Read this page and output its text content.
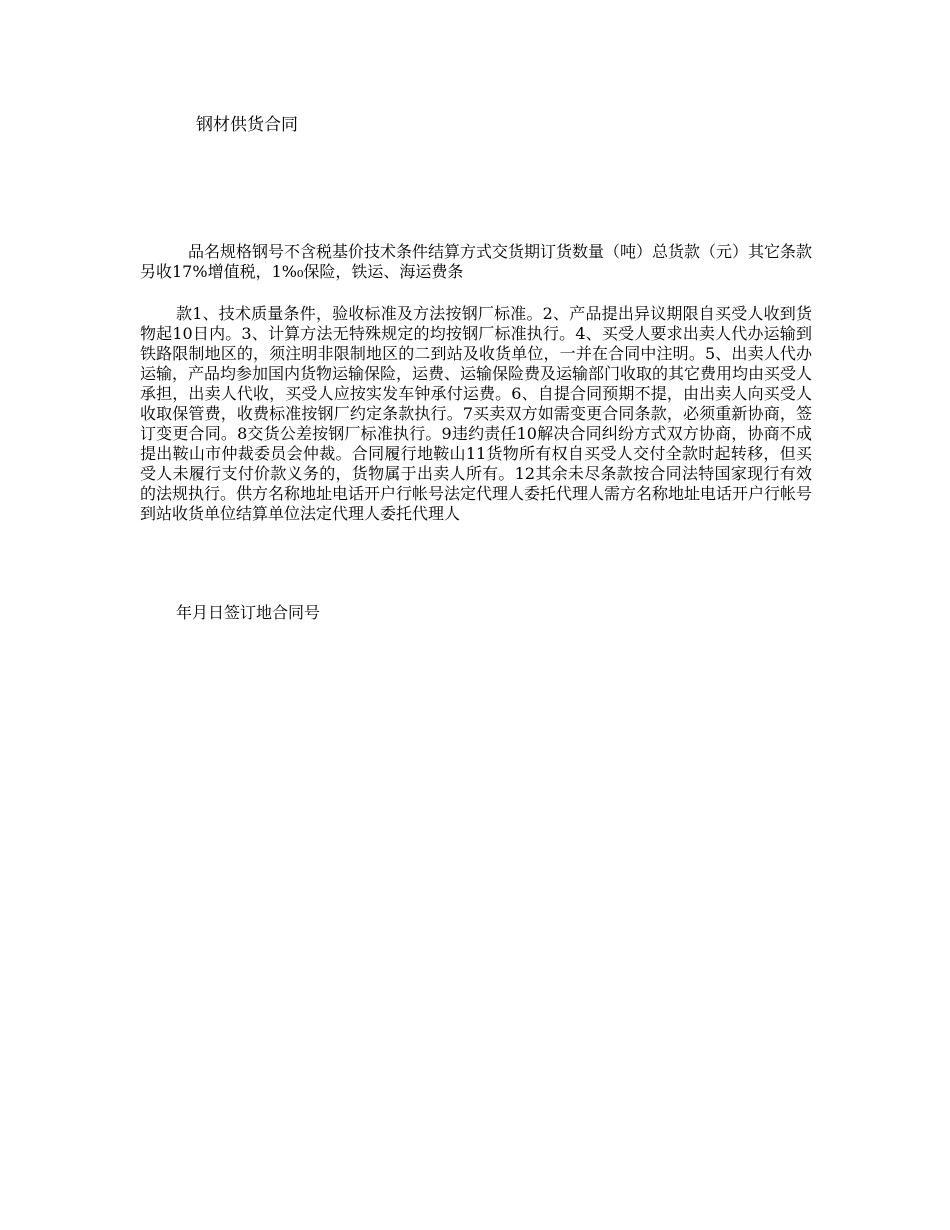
钢材供货合同

品名规格钢号不含税基价技术条件结算方式交货期订货数量（吨）总货款（元）其它条款另收17%增值税，1%₀保险，铁运、海运费条

款1、技术质量条件，验收标准及方法按钢厂标准。2、产品提出异议期限自买受人收到货物起10日内。3、计算方法无特殊规定的均按钢厂标准执行。4、买受人要求出卖人代办运输到铁路限制地区的，须注明非限制地区的二到站及收货单位，一并在合同中注明。5、出卖人代办运输，产品均参加国内货物运输保险，运费、运输保险费及运输部门收取的其它费用均由买受人承担，出卖人代收，买受人应按实发车钟承付运费。6、自提合同预期不提，由出卖人向买受人收取保管费，收费标准按钢厂约定条款执行。7买卖双方如需变更合同条款，必须重新协商，签订变更合同。8交货公差按钢厂标准执行。9违约责任10解决合同纠纷方式双方协商，协商不成提出鞍山市仲裁委员会仲裁。合同履行地鞍山11货物所有权自买受人交付全款时起转移，但买受人未履行支付价款义务的，货物属于出卖人所有。12其余未尽条款按合同法特国家现行有效的法规执行。供方名称地址电话开户行帐号法定代理人委托代理人需方名称地址电话开户行帐号到站收货单位结算单位法定代理人委托代理人

年月日签订地合同号
